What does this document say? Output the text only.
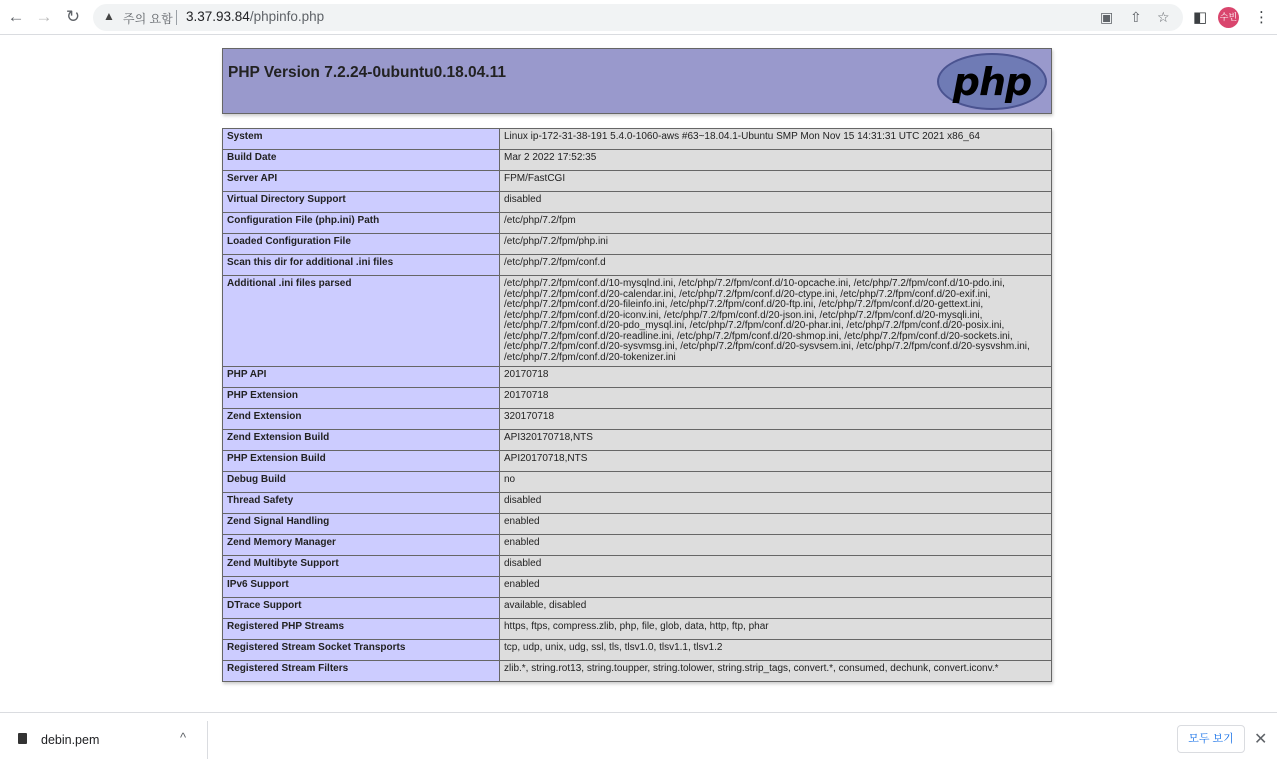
← → ↻ ▲ 주의 요함 3.37.93.84/phpinfo.php	▣ ⇧ ☆ ◧ 수빈 ⋮
PHP Version 7.2.24-0ubuntu0.18.04.11	php
System	Linux ip-172-31-38-191 5.4.0-1060-aws #63~18.04.1-Ubuntu SMP Mon Nov 15 14:31:31 UTC 2021 x86_64
Build Date	Mar 2 2022 17:52:35
Server API	FPM/FastCGI
Virtual Directory Support	disabled
Configuration File (php.ini) Path	/etc/php/7.2/fpm
Loaded Configuration File	/etc/php/7.2/fpm/php.ini
Scan this dir for additional .ini files	/etc/php/7.2/fpm/conf.d
Additional .ini files parsed	/etc/php/7.2/fpm/conf.d/10-mysqlnd.ini, /etc/php/7.2/fpm/conf.d/10-opcache.ini, /etc/php/7.2/fpm/conf.d/10-pdo.ini, /etc/php/7.2/fpm/conf.d/20-calendar.ini, /etc/php/7.2/fpm/conf.d/20-ctype.ini, /etc/php/7.2/fpm/conf.d/20-exif.ini, /etc/php/7.2/fpm/conf.d/20-fileinfo.ini, /etc/php/7.2/fpm/conf.d/20-ftp.ini, /etc/php/7.2/fpm/conf.d/20-gettext.ini, /etc/php/7.2/fpm/conf.d/20-iconv.ini, /etc/php/7.2/fpm/conf.d/20-json.ini, /etc/php/7.2/fpm/conf.d/20-mysqli.ini, /etc/php/7.2/fpm/conf.d/20-pdo_mysql.ini, /etc/php/7.2/fpm/conf.d/20-phar.ini, /etc/php/7.2/fpm/conf.d/20-posix.ini, /etc/php/7.2/fpm/conf.d/20-readline.ini, /etc/php/7.2/fpm/conf.d/20-shmop.ini, /etc/php/7.2/fpm/conf.d/20-sockets.ini, /etc/php/7.2/fpm/conf.d/20-sysvmsg.ini, /etc/php/7.2/fpm/conf.d/20-sysvsem.ini, /etc/php/7.2/fpm/conf.d/20-sysvshm.ini, /etc/php/7.2/fpm/conf.d/20-tokenizer.ini
PHP API	20170718
PHP Extension	20170718
Zend Extension	320170718
Zend Extension Build	API320170718,NTS
PHP Extension Build	API20170718,NTS
Debug Build	no
Thread Safety	disabled
Zend Signal Handling	enabled
Zend Memory Manager	enabled
Zend Multibyte Support	disabled
IPv6 Support	enabled
DTrace Support	available, disabled
Registered PHP Streams	https, ftps, compress.zlib, php, file, glob, data, http, ftp, phar
Registered Stream Socket Transports	tcp, udp, unix, udg, ssl, tls, tlsv1.0, tlsv1.1, tlsv1.2
Registered Stream Filters	zlib.*, string.rot13, string.toupper, string.tolower, string.strip_tags, convert.*, consumed, dechunk, convert.iconv.*
debin.pem	^	모두 보기	✕
